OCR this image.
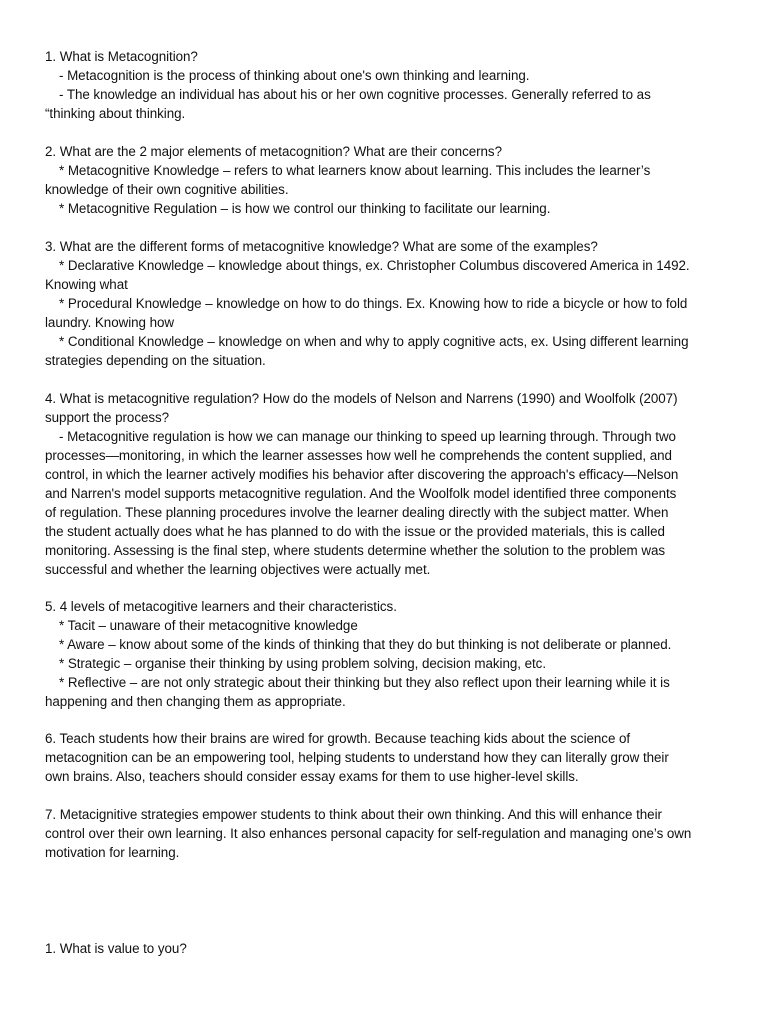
1. What is Metacognition?
- Metacognition is the process of thinking about one's own thinking and learning.
- The knowledge an individual has about his or her own cognitive processes. Generally referred to as
“thinking about thinking.
2. What are the 2 major elements of metacognition? What are their concerns?
* Metacognitive Knowledge – refers to what learners know about learning. This includes the learner’s
knowledge of their own cognitive abilities.
* Metacognitive Regulation – is how we control our thinking to facilitate our learning.
3. What are the different forms of metacognitive knowledge? What are some of the examples?
* Declarative Knowledge – knowledge about things, ex. Christopher Columbus discovered America in 1492.
Knowing what
* Procedural Knowledge – knowledge on how to do things. Ex. Knowing how to ride a bicycle or how to fold
laundry. Knowing how
* Conditional Knowledge – knowledge on when and why to apply cognitive acts, ex. Using different learning
strategies depending on the situation.
4. What is metacognitive regulation? How do the models of Nelson and Narrens (1990) and Woolfolk (2007)
support the process?
- Metacognitive regulation is how we can manage our thinking to speed up learning through. Through two
processes—monitoring, in which the learner assesses how well he comprehends the content supplied, and
control, in which the learner actively modifies his behavior after discovering the approach's efficacy—Nelson
and Narren's model supports metacognitive regulation. And the Woolfolk model identified three components
of regulation. These planning procedures involve the learner dealing directly with the subject matter. When
the student actually does what he has planned to do with the issue or the provided materials, this is called
monitoring. Assessing is the final step, where students determine whether the solution to the problem was
successful and whether the learning objectives were actually met.
5. 4 levels of metacogitive learners and their characteristics.
* Tacit – unaware of their metacognitive knowledge
* Aware – know about some of the kinds of thinking that they do but thinking is not deliberate or planned.
* Strategic – organise their thinking by using problem solving, decision making, etc.
* Reflective – are not only strategic about their thinking but they also reflect upon their learning while it is
happening and then changing them as appropriate.
6. Teach students how their brains are wired for growth. Because teaching kids about the science of
metacognition can be an empowering tool, helping students to understand how they can literally grow their
own brains. Also, teachers should consider essay exams for them to use higher-level skills.
7. Metacignitive strategies empower students to think about their own thinking. And this will enhance their
control over their own learning. It also enhances personal capacity for self-regulation and managing one’s own
motivation for learning.
1. What is value to you?
